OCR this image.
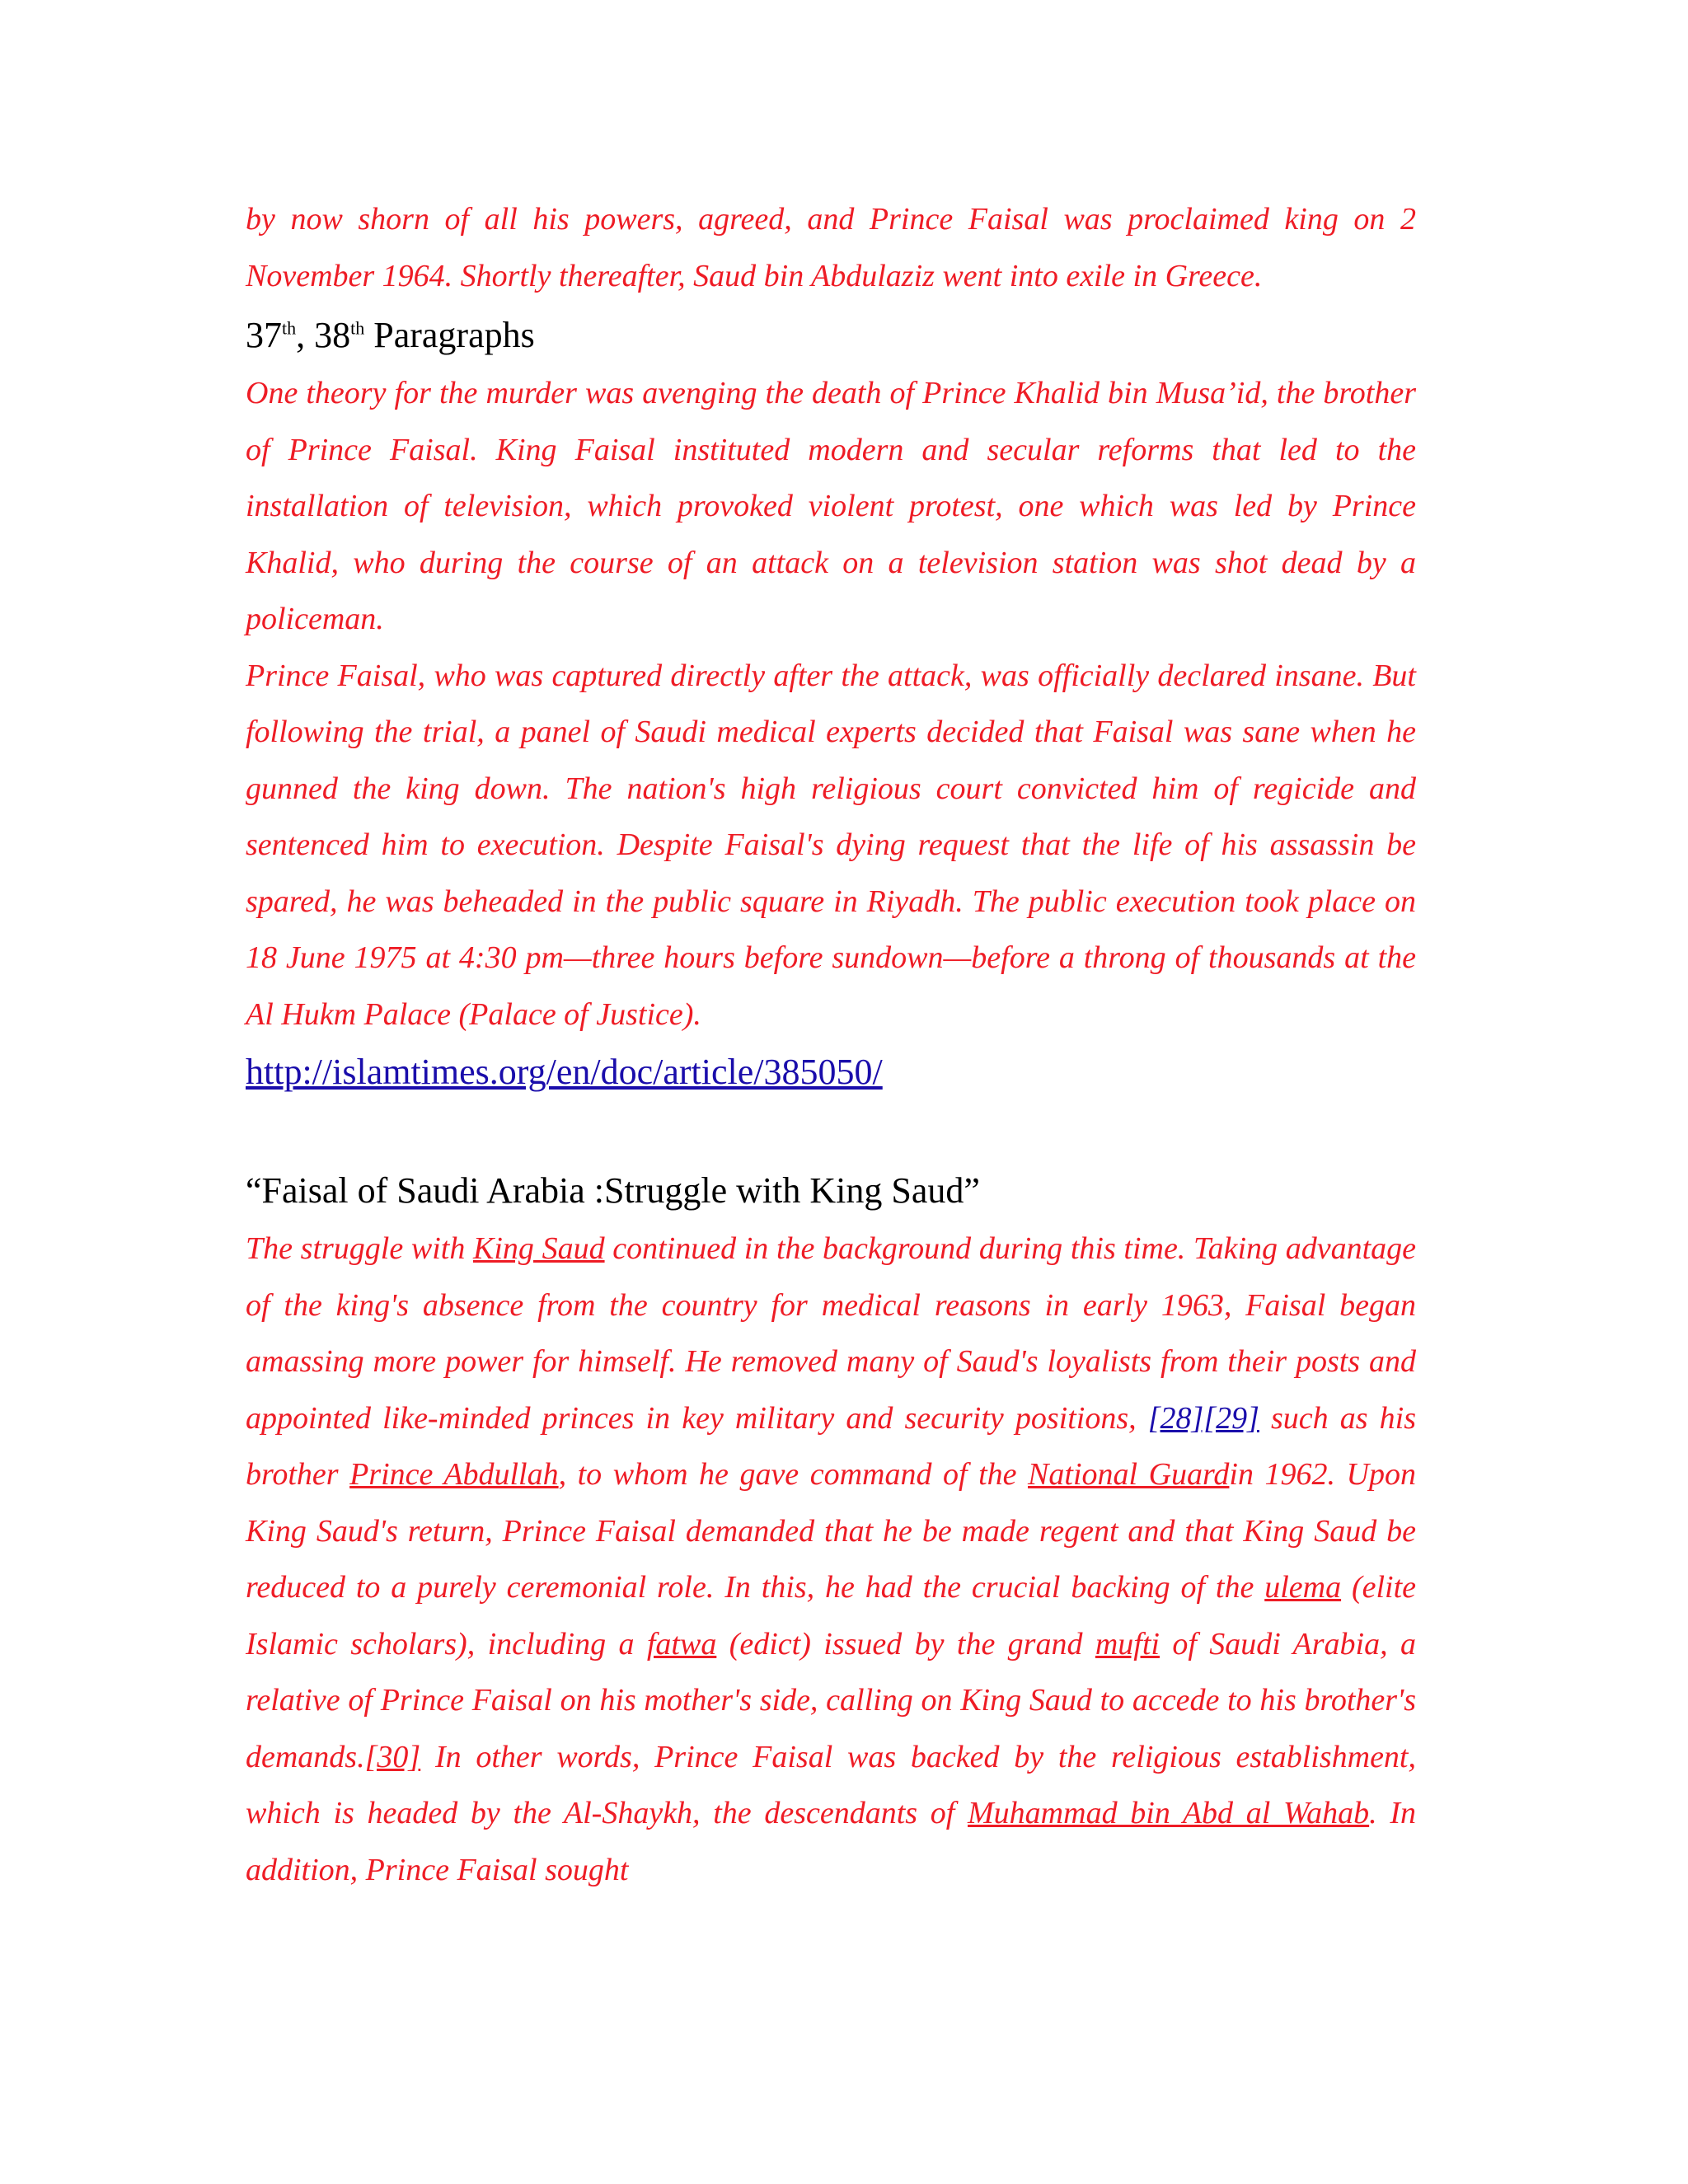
by now shorn of all his powers, agreed, and Prince Faisal was proclaimed king on 2
November 1964. Shortly thereafter, Saud bin Abdulaziz went into exile in Greece.

37th, 38th Paragraphs

One theory for the murder was avenging the death of Prince Khalid bin Musa’id, the brother of Prince Faisal. King Faisal instituted modern and secular reforms that led to the installation of television, which provoked violent protest, one which was led by Prince Khalid, who during the course of an attack on a television station was shot dead by a policeman.

Prince Faisal, who was captured directly after the attack, was officially declared insane. But following the trial, a panel of Saudi medical experts decided that Faisal was sane when he gunned the king down. The nation's high religious court convicted him of regicide and sentenced him to execution. Despite Faisal's dying request that the life of his assassin be spared, he was beheaded in the public square in Riyadh. The public execution took place on 18 June 1975 at 4:30 pm—three hours before sundown—before a throng of thousands at the Al Hukm Palace (Palace of Justice).

http://islamtimes.org/en/doc/article/385050/
“Faisal of Saudi Arabia :Struggle with King Saud”

The struggle with King Saud continued in the background during this time. Taking advantage of the king's absence from the country for medical reasons in early 1963, Faisal began amassing more power for himself. He removed many of Saud's loyalists from their posts and appointed like-minded princes in key military and security positions, [28][29] such as his brother Prince Abdullah, to whom he gave command of the National Guardin 1962. Upon King Saud's return, Prince Faisal demanded that he be made regent and that King Saud be reduced to a purely ceremonial role. In this, he had the crucial backing of the ulema (elite Islamic scholars), including a fatwa (edict) issued by the grand mufti of Saudi Arabia, a relative of Prince Faisal on his mother's side, calling on King Saud to accede to his brother's demands.[30] In other words, Prince Faisal was backed by the religious establishment, which is headed by the Al-Shaykh, the descendants of Muhammad bin Abd al Wahab. In addition, Prince Faisal sought
